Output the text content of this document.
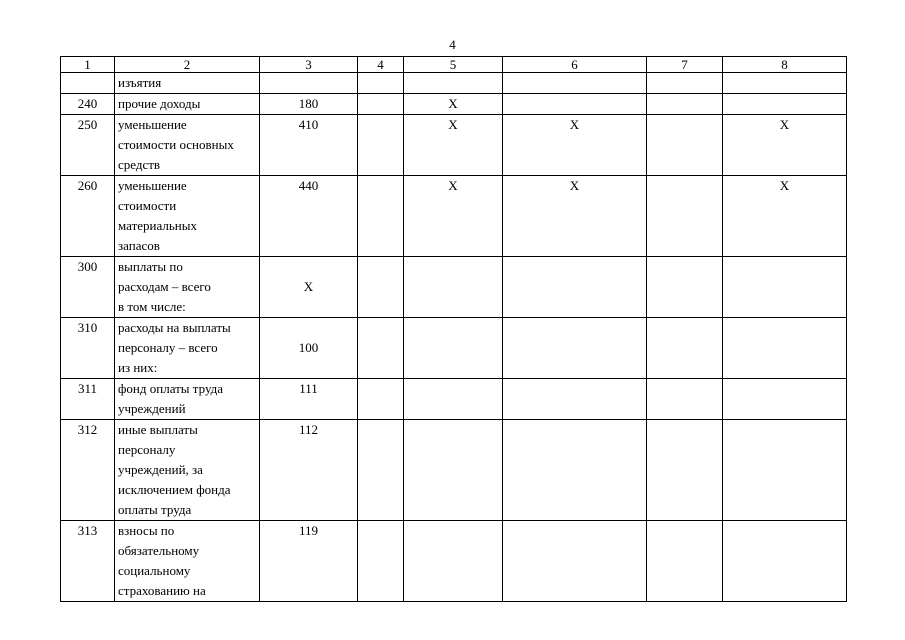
4
1	2	3	4	5	6	7	8
	изъятия						
240	прочие доходы	180		X			
250	уменьшение
стоимости основных
средств	410		X	X		X
260	уменьшение
стоимости
материальных
запасов	440		X	X		X
300	выплаты по
расходам – всего
в том числе:	X					
310	расходы на выплаты
персоналу – всего
из них:	100					
311	фонд оплаты труда
учреждений	111					
312	иные выплаты
персоналу
учреждений, за
исключением фонда
оплаты труда	112					
313	взносы по
обязательному
социальному
страхованию на	119					
